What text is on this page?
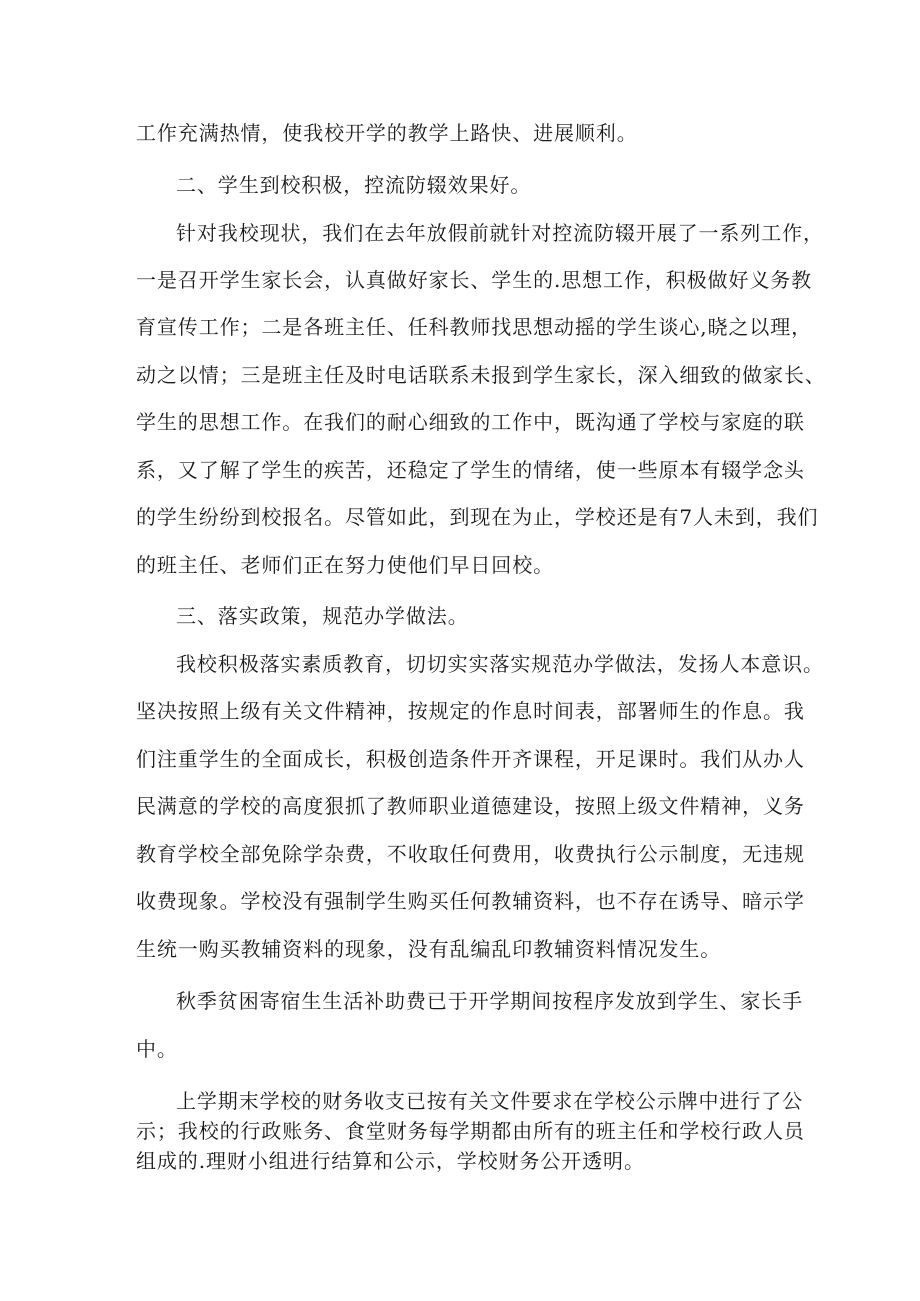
工作充满热情，使我校开学的教学上路快、进展顺利。

二、学生到校积极，控流防辍效果好。

针对我校现状，我们在去年放假前就针对控流防辍开展了一系列工作，

一是召开学生家长会，认真做好家长、学生的.思想工作，积极做好义务教

育宣传工作；二是各班主任、任科教师找思想动摇的学生谈心,晓之以理，

动之以情；三是班主任及时电话联系未报到学生家长，深入细致的做家长、

学生的思想工作。在我们的耐心细致的工作中，既沟通了学校与家庭的联

系，又了解了学生的疾苦，还稳定了学生的情绪，使一些原本有辍学念头

的学生纷纷到校报名。尽管如此，到现在为止，学校还是有7人未到，我们

的班主任、老师们正在努力使他们早日回校。

三、落实政策，规范办学做法。

我校积极落实素质教育，切切实实落实规范办学做法，发扬人本意识。

坚决按照上级有关文件精神，按规定的作息时间表，部署师生的作息。我

们注重学生的全面成长，积极创造条件开齐课程，开足课时。我们从办人

民满意的学校的高度狠抓了教师职业道德建设，按照上级文件精神，义务

教育学校全部免除学杂费，不收取任何费用，收费执行公示制度，无违规

收费现象。学校没有强制学生购买任何教辅资料，也不存在诱导、暗示学

生统一购买教辅资料的现象，没有乱编乱印教辅资料情况发生。

秋季贫困寄宿生生活补助费已于开学期间按程序发放到学生、家长手

中。

上学期末学校的财务收支已按有关文件要求在学校公示牌中进行了公

示；我校的行政账务、食堂财务每学期都由所有的班主任和学校行政人员

组成的.理财小组进行结算和公示，学校财务公开透明。
